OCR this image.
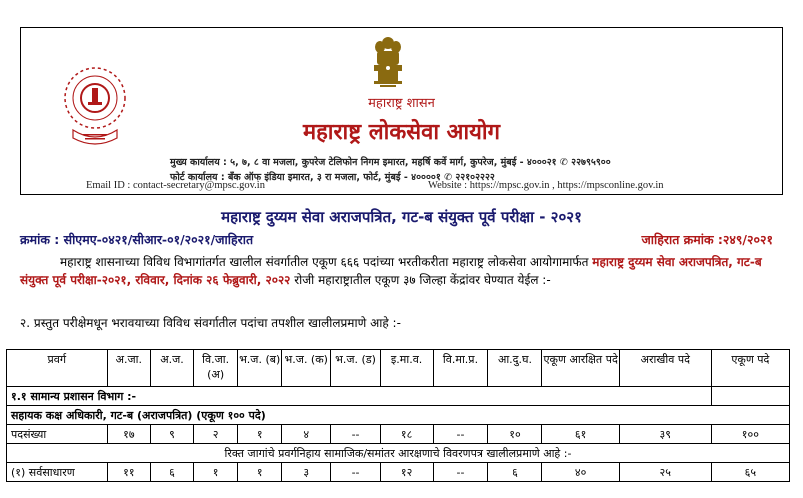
महाराष्ट्र शासन
महाराष्ट्र लोकसेवा आयोग
मुख्य कार्यालय : ५, ७, ८ वा मजला, कुपरेज टेलिफोन निगम इमारत, महर्षि कर्वे मार्ग, कुपरेज, मुंबई - ४०००२१ ✆ २२७९५९००
फोर्ट कार्यालय : बँक ऑफ इंडिया इमारत, ३ रा मजला, फोर्ट, मुंबई - ४००००१ ✆ २२१०२२२२
Email ID : contact-secretary@mpsc.gov.in	Website : https://mpsc.gov.in , https://mpsconline.gov.in
महाराष्ट्र दुय्यम सेवा अराजपत्रित, गट-ब संयुक्त पूर्व परीक्षा - २०२१
क्रमांक : सीएमए-०४२१/सीआर-०१/२०२१/जाहिरात	जाहिरात क्रमांक :२४९/२०२१
महाराष्ट्र शासनाच्या विविध विभागांतर्गत खालील संवर्गातील एकूण ६६६ पदांच्या भरतीकरीता महाराष्ट्र लोकसेवा आयोगामार्फत महाराष्ट्र दुय्यम सेवा अराजपत्रित, गट-ब संयुक्त पूर्व परीक्षा-२०२१, रविवार, दिनांक २६ फेब्रुवारी, २०२२ रोजी महाराष्ट्रातील एकूण ३७ जिल्हा केंद्रांवर घेण्यात येईल :-
२. प्रस्तुत परीक्षेमधून भरावयाच्या विविध संवर्गातील पदांचा तपशील खालीलप्रमाणे आहे :-
प्रवर्ग	अ.जा.	अ.ज.	वि.जा. (अ)	भ.ज. (ब)	भ.ज. (क)	भ.ज. (ड)	इ.मा.व.	वि.मा.प्र.	आ.दु.घ.	एकूण आरक्षित पदे	अराखीव पदे	एकूण पदे
१.१ सामान्य प्रशासन विभाग :-												
सहायक कक्ष अधिकारी, गट-ब (अराजपत्रित) (एकूण १०० पदे)												
पदसंख्या	१७	९	२	१	४	--	१८	--	१०	६१	३९	१००
रिक्त जागांचे प्रवर्गनिहाय सामाजिक/समांतर आरक्षणाचे विवरणपत्र खालीलप्रमाणे आहे :-												
(१) सर्वसाधारण	११	६	१	१	३	--	१२	--	६	४०	२५	६५
